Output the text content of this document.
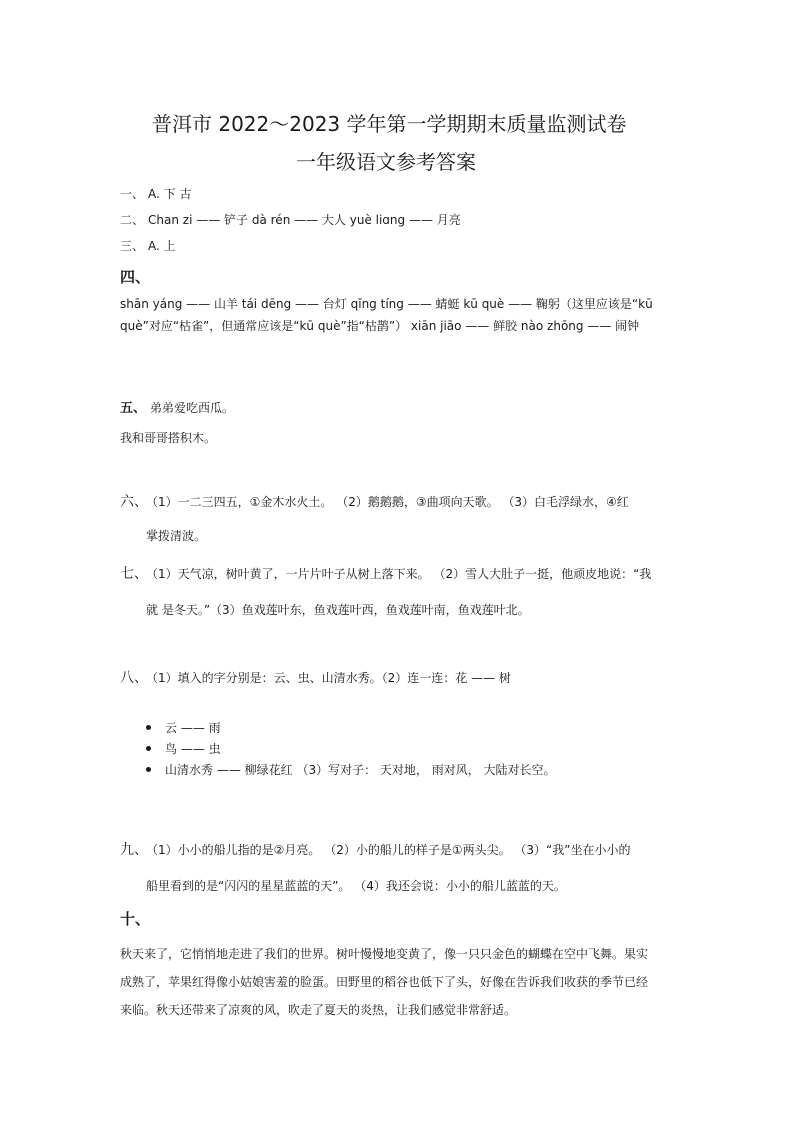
普洱市 2022～2023 学年第一学期期末质量监测试卷
一年级语文参考答案
一、 A. 下 古
二、 Chan zi —— 铲子 dà rén —— 大人 yuè liɑng —— 月亮
三、 A. 上
四、
shān yáng —— 山羊 tái dēng —— 台灯 qīng tíng —— 蜻蜓 kū què —— 鞠躬（这里应该是“kū
què”对应“枯雀”，但通常应该是“kū què”指“枯鹊”） xiān jiāo —— 鲜胶 nào zhōng —— 闹钟
五、 弟弟爱吃西瓜。
我和哥哥搭积木。
六、 （1）一二三四五，①金木水火土。 （2）鹅鹅鹅，③曲项向天歌。 （3）白毛浮绿水，④红
掌拨清波。
七、 （1）天气凉，树叶黄了，一片片叶子从树上落下来。 （2）雪人大肚子一挺，他顽皮地说：“我
就 是冬天。”（3）鱼戏莲叶东，鱼戏莲叶西，鱼戏莲叶南，鱼戏莲叶北。
八、 （1）填入的字分别是：云、虫、山清水秀。（2）连一连：花 —— 树
云 —— 雨
鸟 —— 虫
山清水秀 —— 柳绿花红 （3）写对子： 天对地， 雨对风， 大陆对长空。
九、 （1）小小的船儿指的是②月亮。 （2）小的船儿的样子是①两头尖。 （3）“我”坐在小小的
船里看到的是“闪闪的星星蓝蓝的天”。 （4）我还会说：小小的船儿蓝蓝的天。
十、
秋天来了，它悄悄地走进了我们的世界。树叶慢慢地变黄了，像一只只金色的蝴蝶在空中飞舞。果实
成熟了，苹果红得像小姑娘害羞的脸蛋。田野里的稻谷也低下了头，好像在告诉我们收获的季节已经
来临。秋天还带来了凉爽的风，吹走了夏天的炎热，让我们感觉非常舒适。
